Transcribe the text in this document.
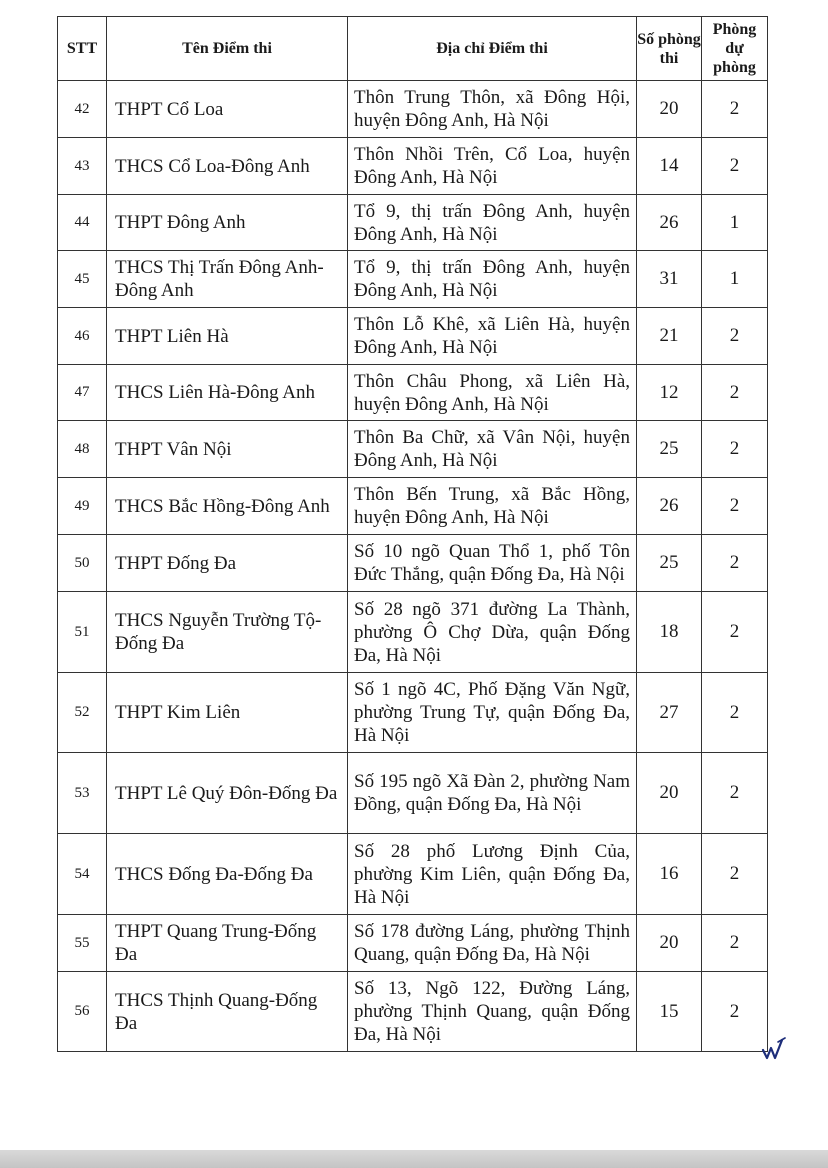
STT	Tên Điểm thi	Địa chỉ Điểm thi	Số phòng thi	Phòng dự phòng
42	THPT Cổ Loa	Thôn Trung Thôn, xã Đông Hội, huyện Đông Anh, Hà Nội	20	2
43	THCS Cổ Loa-Đông Anh	Thôn Nhồi Trên, Cổ Loa, huyện Đông Anh, Hà Nội	14	2
44	THPT Đông Anh	Tổ 9, thị trấn Đông Anh, huyện Đông Anh, Hà Nội	26	1
45	THCS Thị Trấn Đông Anh-Đông Anh	Tổ 9, thị trấn Đông Anh, huyện Đông Anh, Hà Nội	31	1
46	THPT Liên Hà	Thôn Lỗ Khê, xã Liên Hà, huyện Đông Anh, Hà Nội	21	2
47	THCS Liên Hà-Đông Anh	Thôn Châu Phong, xã Liên Hà, huyện Đông Anh, Hà Nội	12	2
48	THPT Vân Nội	Thôn Ba Chữ, xã Vân Nội, huyện Đông Anh, Hà Nội	25	2
49	THCS Bắc Hồng-Đông Anh	Thôn Bến Trung, xã Bắc Hồng, huyện Đông Anh, Hà Nội	26	2
50	THPT Đống Đa	Số 10 ngõ Quan Thổ 1, phố Tôn Đức Thắng, quận Đống Đa, Hà Nội	25	2
51	THCS Nguyễn Trường Tộ-Đống Đa	Số 28 ngõ 371 đường La Thành, phường Ô Chợ Dừa, quận Đống Đa, Hà Nội	18	2
52	THPT Kim Liên	Số 1 ngõ 4C, Phố Đặng Văn Ngữ, phường Trung Tự, quận Đống Đa, Hà Nội	27	2
53	THPT Lê Quý Đôn-Đống Đa	Số 195 ngõ Xã Đàn 2, phường Nam Đồng, quận Đống Đa, Hà Nội	20	2
54	THCS Đống Đa-Đống Đa	Số 28 phố Lương Định Của, phường Kim Liên, quận Đống Đa, Hà Nội	16	2
55	THPT Quang Trung-Đống Đa	Số 178 đường Láng, phường Thịnh Quang, quận Đống Đa, Hà Nội	20	2
56	THCS Thịnh Quang-Đống Đa	Số 13, Ngõ 122, Đường Láng, phường Thịnh Quang, quận Đống Đa, Hà Nội	15	2
